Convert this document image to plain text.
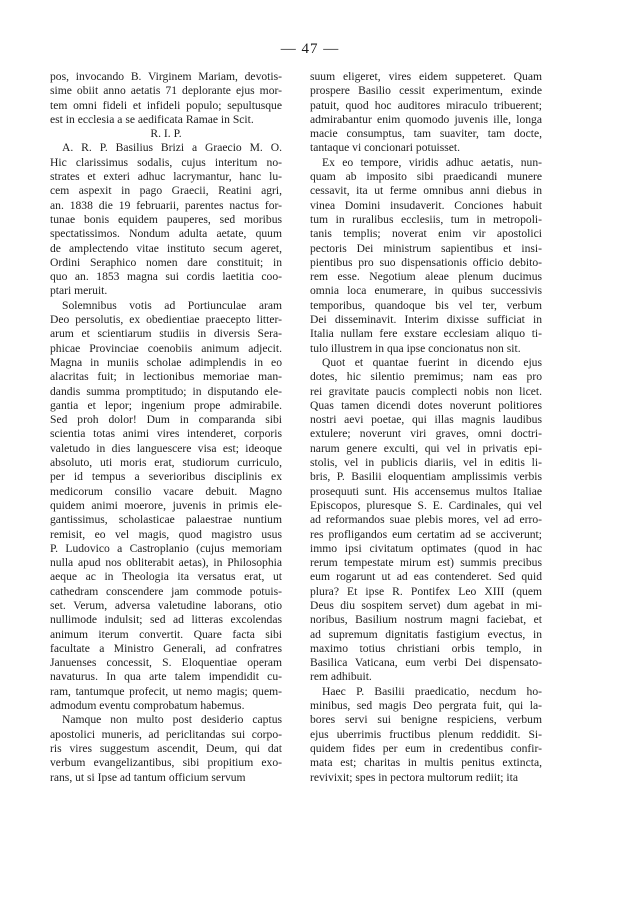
— 47 —

pos, invocando B. Virginem Mariam, devotis-
sime obiit anno aetatis 71 deplorante ejus mor-
tem omni fideli et infideli populo; sepultusque
est in ecclesia a se aedificata Ramae in Scit.

R. I. P.

A. R. P. Basilius Brizi a Graecio M. O.
Hic clarissimus sodalis, cujus interitum no-
strates et exteri adhuc lacrymantur, hanc lu-
cem aspexit in pago Graecii, Reatini agri,
an. 1838 die 19 februarii, parentes nactus for-
tunae bonis equidem pauperes, sed moribus
spectatissimos. Nondum adulta aetate, quum
de amplectendo vitae instituto secum ageret,
Ordini Seraphico nomen dare constituit; in
quo an. 1853 magna sui cordis laetitia coo-
ptari meruit.

Solemnibus votis ad Portiunculae aram
Deo persolutis, ex obedientiae praecepto litter-
arum et scientiarum studiis in diversis Sera-
phicae Provinciae coenobiis animum adjecit.
Magna in muniis scholae adimplendis in eo
alacritas fuit; in lectionibus memoriae man-
dandis summa promptitudo; in disputando ele-
gantia et lepor; ingenium prope admirabile.
Sed proh dolor! Dum in comparanda sibi
scientia totas animi vires intenderet, corporis
valetudo in dies languescere visa est; ideoque
absoluto, uti moris erat, studiorum curriculo,
per id tempus a severioribus disciplinis ex
medicorum consilio vacare debuit. Magno
quidem animi moerore, juvenis in primis ele-
gantissimus, scholasticae palaestrae nuntium
remisit, eo vel magis, quod magistro usus
P. Ludovico a Castroplanio (cujus memoriam
nulla apud nos obliterabit aetas), in Philosophia
aeque ac in Theologia ita versatus erat, ut
cathedram conscendere jam commode potuis-
set. Verum, adversa valetudine laborans, otio
nullimode indulsit; sed ad litteras excolendas
animum iterum convertit. Quare facta sibi
facultate a Ministro Generali, ad confratres
Januenses concessit, S. Eloquentiae operam
navaturus. In qua arte talem impendidit cu-
ram, tantumque profecit, ut nemo magis; quem-
admodum eventu comprobatum habemus.

Namque non multo post desiderio captus
apostolici muneris, ad periclitandas sui corpo-
ris vires suggestum ascendit, Deum, qui dat
verbum evangelizantibus, sibi propitium exo-
rans, ut si Ipse ad tantum officium servum

suum eligeret, vires eidem suppeteret. Quam
prospere Basilio cessit experimentum, exinde
patuit, quod hoc auditores miraculo tribuerent;
admirabantur enim quomodo juvenis ille, longa
macie consumptus, tam suaviter, tam docte,
tantaque vi concionari potuisset.

Ex eo tempore, viridis adhuc aetatis, nun-
quam ab imposito sibi praedicandi munere
cessavit, ita ut ferme omnibus anni diebus in
vinea Domini insudaverit. Conciones habuit
tum in ruralibus ecclesiis, tum in metropoli-
tanis templis; noverat enim vir apostolici
pectoris Dei ministrum sapientibus et insi-
pientibus pro suo dispensationis officio debito-
rem esse. Negotium aleae plenum ducimus
omnia loca enumerare, in quibus successivis
temporibus, quandoque bis vel ter, verbum
Dei disseminavit. Interim dixisse sufficiat in
Italia nullam fere exstare ecclesiam aliquo ti-
tulo illustrem in qua ipse concionatus non sit.

Quot et quantae fuerint in dicendo ejus
dotes, hic silentio premimus; nam eas pro
rei gravitate paucis complecti nobis non licet.
Quas tamen dicendi dotes noverunt politiores
nostri aevi poetae, qui illas magnis laudibus
extulere; noverunt viri graves, omni doctri-
narum genere exculti, qui vel in privatis epi-
stolis, vel in publicis diariis, vel in editis li-
bris, P. Basilii eloquentiam amplissimis verbis
prosequuti sunt. His accensemus multos Italiae
Episcopos, pluresque S. E. Cardinales, qui vel
ad reformandos suae plebis mores, vel ad erro-
res profligandos eum certatim ad se acciverunt;
immo ipsi civitatum optimates (quod in hac
rerum tempestate mirum est) summis precibus
eum rogarunt ut ad eas contenderet. Sed quid
plura? Et ipse R. Pontifex Leo XIII (quem
Deus diu sospitem servet) dum agebat in mi-
noribus, Basilium nostrum magni faciebat, et
ad supremum dignitatis fastigium evectus, in
maximo totius christiani orbis templo, in
Basilica Vaticana, eum verbi Dei dispensato-
rem adhibuit.

Haec P. Basilii praedicatio, necdum ho-
minibus, sed magis Deo pergrata fuit, qui la-
bores servi sui benigne respiciens, verbum
ejus uberrimis fructibus plenum reddidit. Si-
quidem fides per eum in credentibus confir-
mata est; charitas in multis penitus extincta,
revivixit; spes in pectora multorum rediit; ita
